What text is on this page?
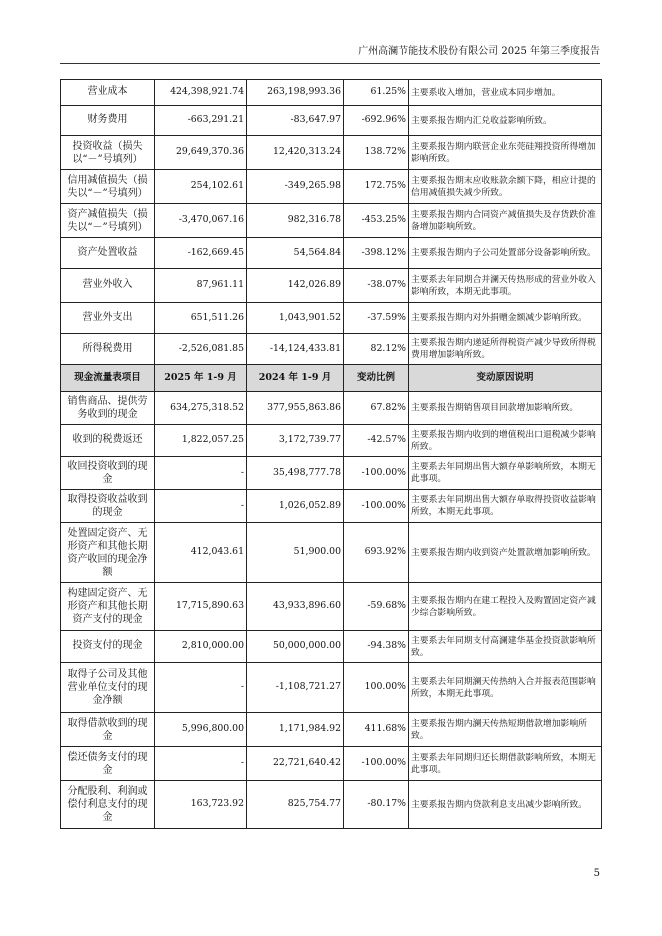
广州高澜节能技术股份有限公司 2025 年第三季度报告
营业成本	424,398,921.74	263,198,993.36	61.25%	主要系收入增加，营业成本同步增加。
财务费用	-663,291.21	-83,647.97	-692.96%	主要系报告期内汇兑收益影响所致。
投资收益（损失以“－”号填列）	29,649,370.36	12,420,313.24	138.72%	主要系报告期内联营企业东莞硅翔投资所得增加影响所致。
信用减值损失（损失以“－”号填列）	254,102.61	-349,265.98	172.75%	主要系报告期末应收账款余额下降，相应计提的信用减值损失减少所致。
资产减值损失（损失以“－”号填列）	-3,470,067.16	982,316.78	-453.25%	主要系报告期内合同资产减值损失及存货跌价准备增加影响所致。
资产处置收益	-162,669.45	54,564.84	-398.12%	主要系报告期内子公司处置部分设备影响所致。
营业外收入	87,961.11	142,026.89	-38.07%	主要系去年同期合并澜天传热形成的营业外收入影响所致，本期无此事项。
营业外支出	651,511.26	1,043,901.52	-37.59%	主要系报告期内对外捐赠金额减少影响所致。
所得税费用	-2,526,081.85	-14,124,433.81	82.12%	主要系报告期内递延所得税资产减少导致所得税费用增加影响所致。
现金流量表项目	2025 年 1-9 月	2024 年 1-9 月	变动比例	变动原因说明
销售商品、提供劳务收到的现金	634,275,318.52	377,955,863.86	67.82%	主要系报告期销售项目回款增加影响所致。
收到的税费返还	1,822,057.25	3,172,739.77	-42.57%	主要系报告期内收到的增值税出口退税减少影响所致。
收回投资收到的现金	-	35,498,777.78	-100.00%	主要系去年同期出售大额存单影响所致，本期无此事项。
取得投资收益收到的现金	-	1,026,052.89	-100.00%	主要系去年同期出售大额存单取得投资收益影响所致，本期无此事项。
处置固定资产、无形资产和其他长期资产收回的现金净额	412,043.61	51,900.00	693.92%	主要系报告期内收到资产处置款增加影响所致。
构建固定资产、无形资产和其他长期资产支付的现金	17,715,890.63	43,933,896.60	-59.68%	主要系报告期内在建工程投入及购置固定资产减少综合影响所致。
投资支付的现金	2,810,000.00	50,000,000.00	-94.38%	主要系去年同期支付高澜建华基金投资款影响所致。
取得子公司及其他营业单位支付的现金净额	-	-1,108,721.27	100.00%	主要系去年同期澜天传热纳入合并报表范围影响所致，本期无此事项。
取得借款收到的现金	5,996,800.00	1,171,984.92	411.68%	主要系报告期内澜天传热短期借款增加影响所致。
偿还债务支付的现金	-	22,721,640.42	-100.00%	主要系去年同期归还长期借款影响所致，本期无此事项。
分配股利、利润或偿付利息支付的现金	163,723.92	825,754.77	-80.17%	主要系报告期内贷款利息支出减少影响所致。
5
